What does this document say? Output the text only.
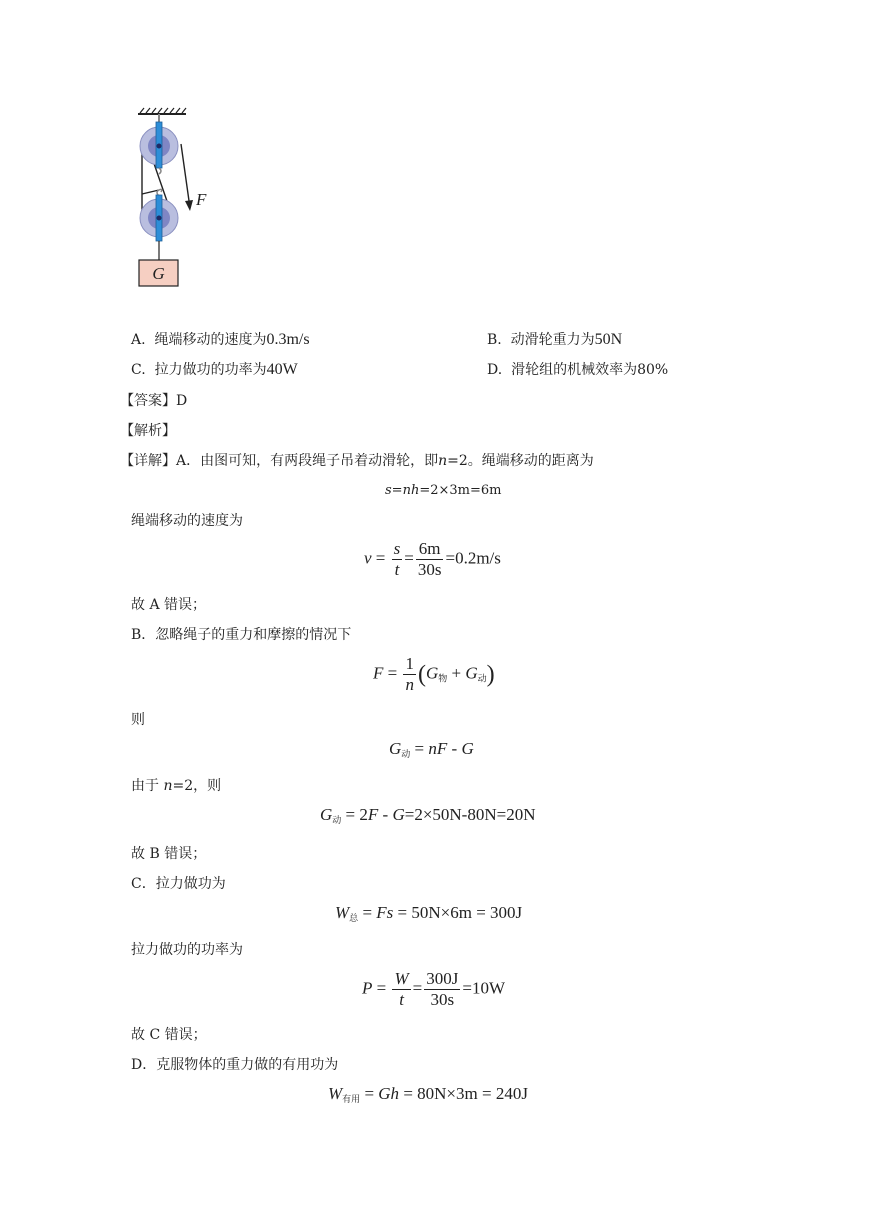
F
G
A. 绳端移动的速度为0.3m/s	B. 动滑轮重力为50N
C. 拉力做功的功率为40W	D. 滑轮组的机械效率为80%
【答案】D
【解析】
【详解】A．由图可知，有两段绳子吊着动滑轮，即n=2。绳端移动的距离为
s=nh=2×3m=6m
绳端移动的速度为
$v = \frac{s}{t} = \frac{6m}{30s} =0.2m/s$
故 A 错误；
B．忽略绳子的重力和摩擦的情况下
$F = \frac{1}{n} (G_物 + G_动)$
则
$G_动$ = nF - G
由于 n=2，则
$G_动 = 2F - G=2\times 50N-80N=20N$
故 B 错误；
C．拉力做功为
$W_总 = Fs = 50N\times 6m = 300J$
拉力做功的功率为
$P = \frac{W}{t} = \frac{300J}{30s} =10W$
故 C 错误；
D．克服物体的重力做的有用功为
$W_{有用} = Gh = 80N\times 3m = 240J$
